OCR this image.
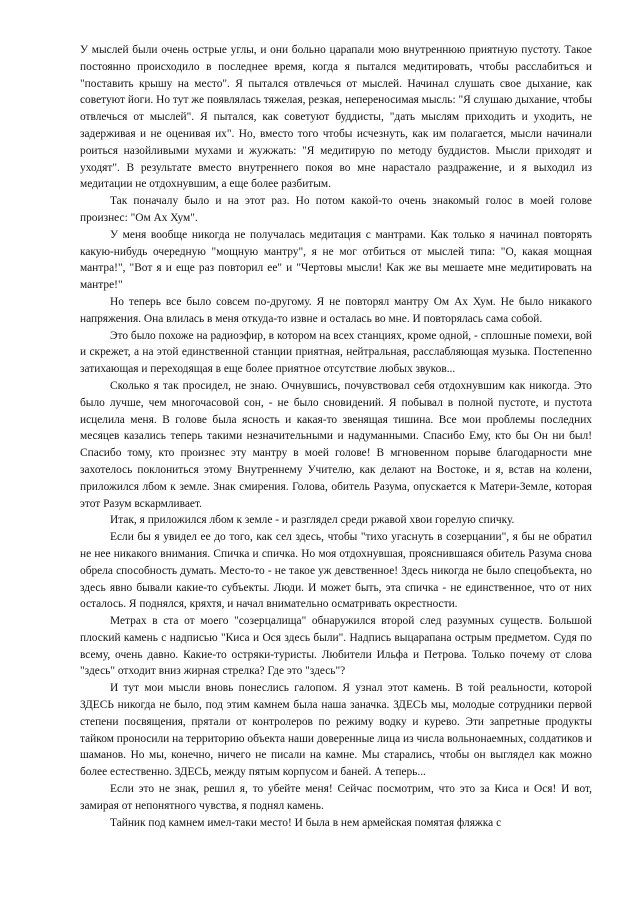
У мыслей были очень острые углы, и они больно царапали мою внутреннюю приятную пустоту. Такое постоянно происходило в последнее время, когда я пытался медитировать, чтобы расслабиться и "поставить крышу на место". Я пытался отвлечься от мыслей. Начинал слушать свое дыхание, как советуют йоги. Но тут же появлялась тяжелая, резкая, непереносимая мысль: "Я слушаю дыхание, чтобы отвлечься от мыслей". Я пытался, как советуют буддисты, "дать мыслям приходить и уходить, не задерживая и не оценивая их". Но, вместо того чтобы исчезнуть, как им полагается, мысли начинали роиться назойливыми мухами и жужжать: "Я медитирую по методу буддистов. Мысли приходят и уходят". В результате вместо внутреннего покоя во мне нарастало раздражение, и я выходил из медитации не отдохнувшим, а еще более разбитым.

Так поначалу было и на этот раз. Но потом какой-то очень знакомый голос в моей голове произнес: "Ом Ах Хум".

У меня вообще никогда не получалась медитация с мантрами. Как только я начинал повторять какую-нибудь очередную "мощную мантру", я не мог отбиться от мыслей типа: "О, какая мощная мантра!", "Вот я и еще раз повторил ее" и "Чертовы мысли! Как же вы мешаете мне медитировать на мантре!"

Но теперь все было совсем по-другому. Я не повторял мантру Ом Ах Хум. Не было никакого напряжения. Она влилась в меня откуда-то извне и осталась во мне. И повторялась сама собой.

Это было похоже на радиоэфир, в котором на всех станциях, кроме одной, - сплошные помехи, вой и скрежет, а на этой единственной станции приятная, нейтральная, расслабляющая музыка. Постепенно затихающая и переходящая в еще более приятное отсутствие любых звуков...

Сколько я так просидел, не знаю. Очнувшись, почувствовал себя отдохнувшим как никогда. Это было лучше, чем многочасовой сон, - не было сновидений. Я побывал в полной пустоте, и пустота исцелила меня. В голове была ясность и какая-то звенящая тишина. Все мои проблемы последних месяцев казались теперь такими незначительными и надуманными. Спасибо Ему, кто бы Он ни был! Спасибо тому, кто произнес эту мантру в моей голове! В мгновенном порыве благодарности мне захотелось поклониться этому Внутреннему Учителю, как делают на Востоке, и я, встав на колени, приложился лбом к земле. Знак смирения. Голова, обитель Разума, опускается к Матери-Земле, которая этот Разум вскармливает.

Итак, я приложился лбом к земле - и разглядел среди ржавой хвои горелую спичку.

Если бы я увидел ее до того, как сел здесь, чтобы "тихо угаснуть в созерцании", я бы не обратил не нее никакого внимания. Спичка и спичка. Но моя отдохнувшая, прояснившаяся обитель Разума снова обрела способность думать. Место-то - не такое уж девственное! Здесь никогда не было спецобъекта, но здесь явно бывали какие-то субъекты. Люди. И может быть, эта спичка - не единственное, что от них осталось. Я поднялся, кряхтя, и начал внимательно осматривать окрестности.

Метрах в ста от моего "созерцалища" обнаружился второй след разумных существ. Большой плоский камень с надписью "Киса и Ося здесь были". Надпись выцарапана острым предметом. Судя по всему, очень давно. Какие-то остряки-туристы. Любители Ильфа и Петрова. Только почему от слова "здесь" отходит вниз жирная стрелка? Где это "здесь"?

И тут мои мысли вновь понеслись галопом. Я узнал этот камень. В той реальности, которой ЗДЕСЬ никогда не было, под этим камнем была наша заначка. ЗДЕСЬ мы, молодые сотрудники первой степени посвящения, прятали от контролеров по режиму водку и курево. Эти запретные продукты тайком проносили на территорию объекта наши доверенные лица из числа вольнонаемных, солдатиков и шаманов. Но мы, конечно, ничего не писали на камне. Мы старались, чтобы он выглядел как можно более естественно. ЗДЕСЬ, между пятым корпусом и баней. А теперь...

Если это не знак, решил я, то убейте меня! Сейчас посмотрим, что это за Киса и Ося! И вот, замирая от непонятного чувства, я поднял камень.

Тайник под камнем имел-таки место! И была в нем армейская помятая фляжка с
